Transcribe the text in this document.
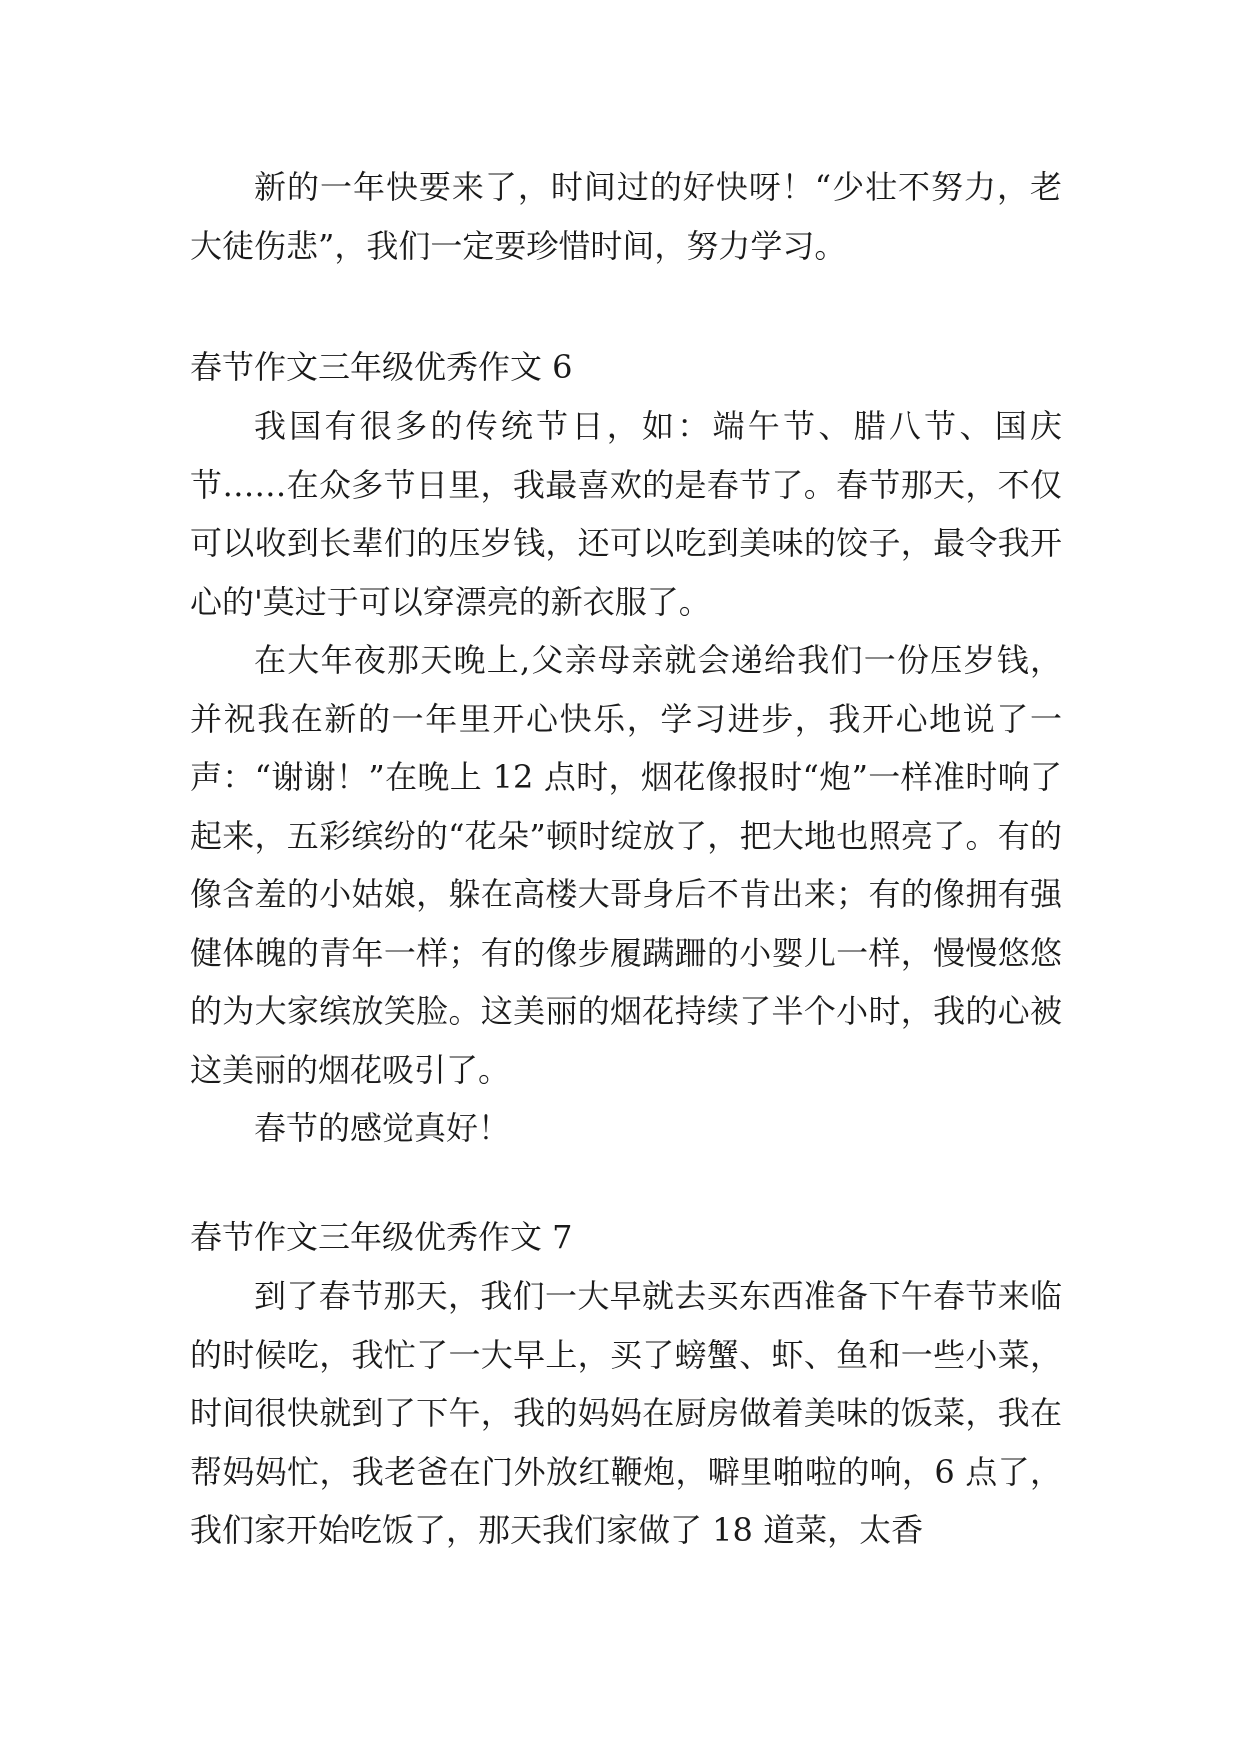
新的一年快要来了，时间过的好快呀！“少壮不努力，老大徒伤悲”，我们一定要珍惜时间，努力学习。

春节作文三年级优秀作文 6

我国有很多的传统节日，如：端午节、腊八节、国庆节……在众多节日里，我最喜欢的是春节了。春节那天，不仅可以收到长辈们的压岁钱，还可以吃到美味的饺子，最令我开心的'莫过于可以穿漂亮的新衣服了。

在大年夜那天晚上,父亲母亲就会递给我们一份压岁钱，并祝我在新的一年里开心快乐，学习进步，我开心地说了一声：“谢谢！”在晚上 12 点时，烟花像报时“炮”一样准时响了起来，五彩缤纷的“花朵”顿时绽放了，把大地也照亮了。有的像含羞的小姑娘，躲在高楼大哥身后不肯出来；有的像拥有强健体魄的青年一样；有的像步履蹒跚的小婴儿一样，慢慢悠悠的为大家缤放笑脸。这美丽的烟花持续了半个小时，我的心被这美丽的烟花吸引了。

春节的感觉真好！

春节作文三年级优秀作文 7

到了春节那天，我们一大早就去买东西准备下午春节来临的时候吃，我忙了一大早上，买了螃蟹、虾、鱼和一些小菜，时间很快就到了下午，我的妈妈在厨房做着美味的饭菜，我在帮妈妈忙，我老爸在门外放红鞭炮，噼里啪啦的响，6 点了，我们家开始吃饭了，那天我们家做了 18 道菜，太香
